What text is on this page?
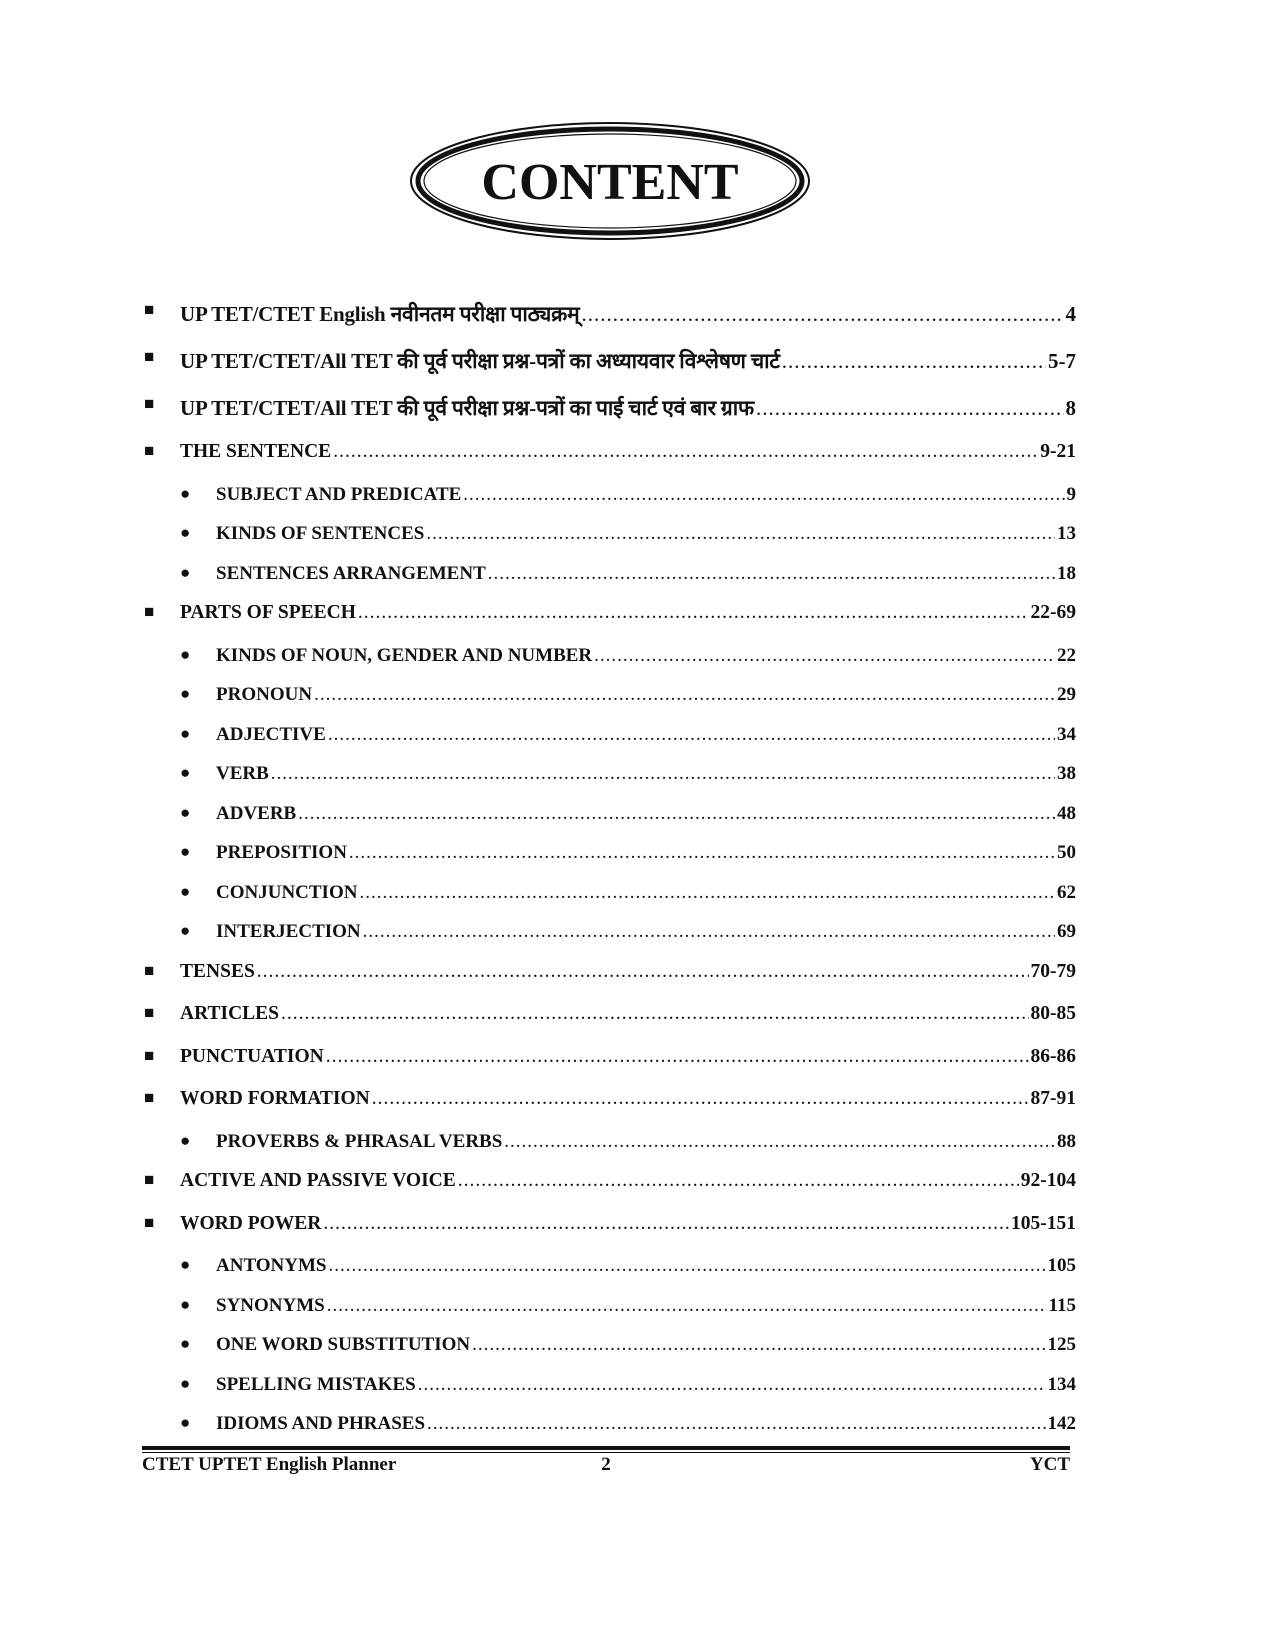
CONTENT
■ UP TET/CTET English नवीनतम परीक्षा पाठ्यक्रम् .....	4
■ UP TET/CTET/All TET की पूर्व परीक्षा प्रश्न-पत्रों का अध्यायवार विश्लेषण चार्ट .....	5-7
■ UP TET/CTET/All TET की पूर्व परीक्षा प्रश्न-पत्रों का पाई चार्ट एवं बार ग्राफ .....	8
■ THE SENTENCE .....	9-21
● SUBJECT AND PREDICATE .....	9
● KINDS OF SENTENCES .....	13
● SENTENCES ARRANGEMENT .....	18
■ PARTS OF SPEECH .....	22-69
● KINDS OF NOUN, GENDER AND NUMBER .....	22
● PRONOUN .....	29
● ADJECTIVE .....	34
● VERB .....	38
● ADVERB .....	48
● PREPOSITION .....	50
● CONJUNCTION .....	62
● INTERJECTION .....	69
■ TENSES .....	70-79
■ ARTICLES .....	80-85
■ PUNCTUATION .....	86-86
■ WORD FORMATION .....	87-91
● PROVERBS & PHRASAL VERBS .....	88
■ ACTIVE AND PASSIVE VOICE .....	92-104
■ WORD POWER .....	105-151
● ANTONYMS .....	105
● SYNONYMS .....	115
● ONE WORD SUBSTITUTION .....	125
● SPELLING MISTAKES .....	134
● IDIOMS AND PHRASES .....	142
CTET UPTET English Planner	2	YCT
